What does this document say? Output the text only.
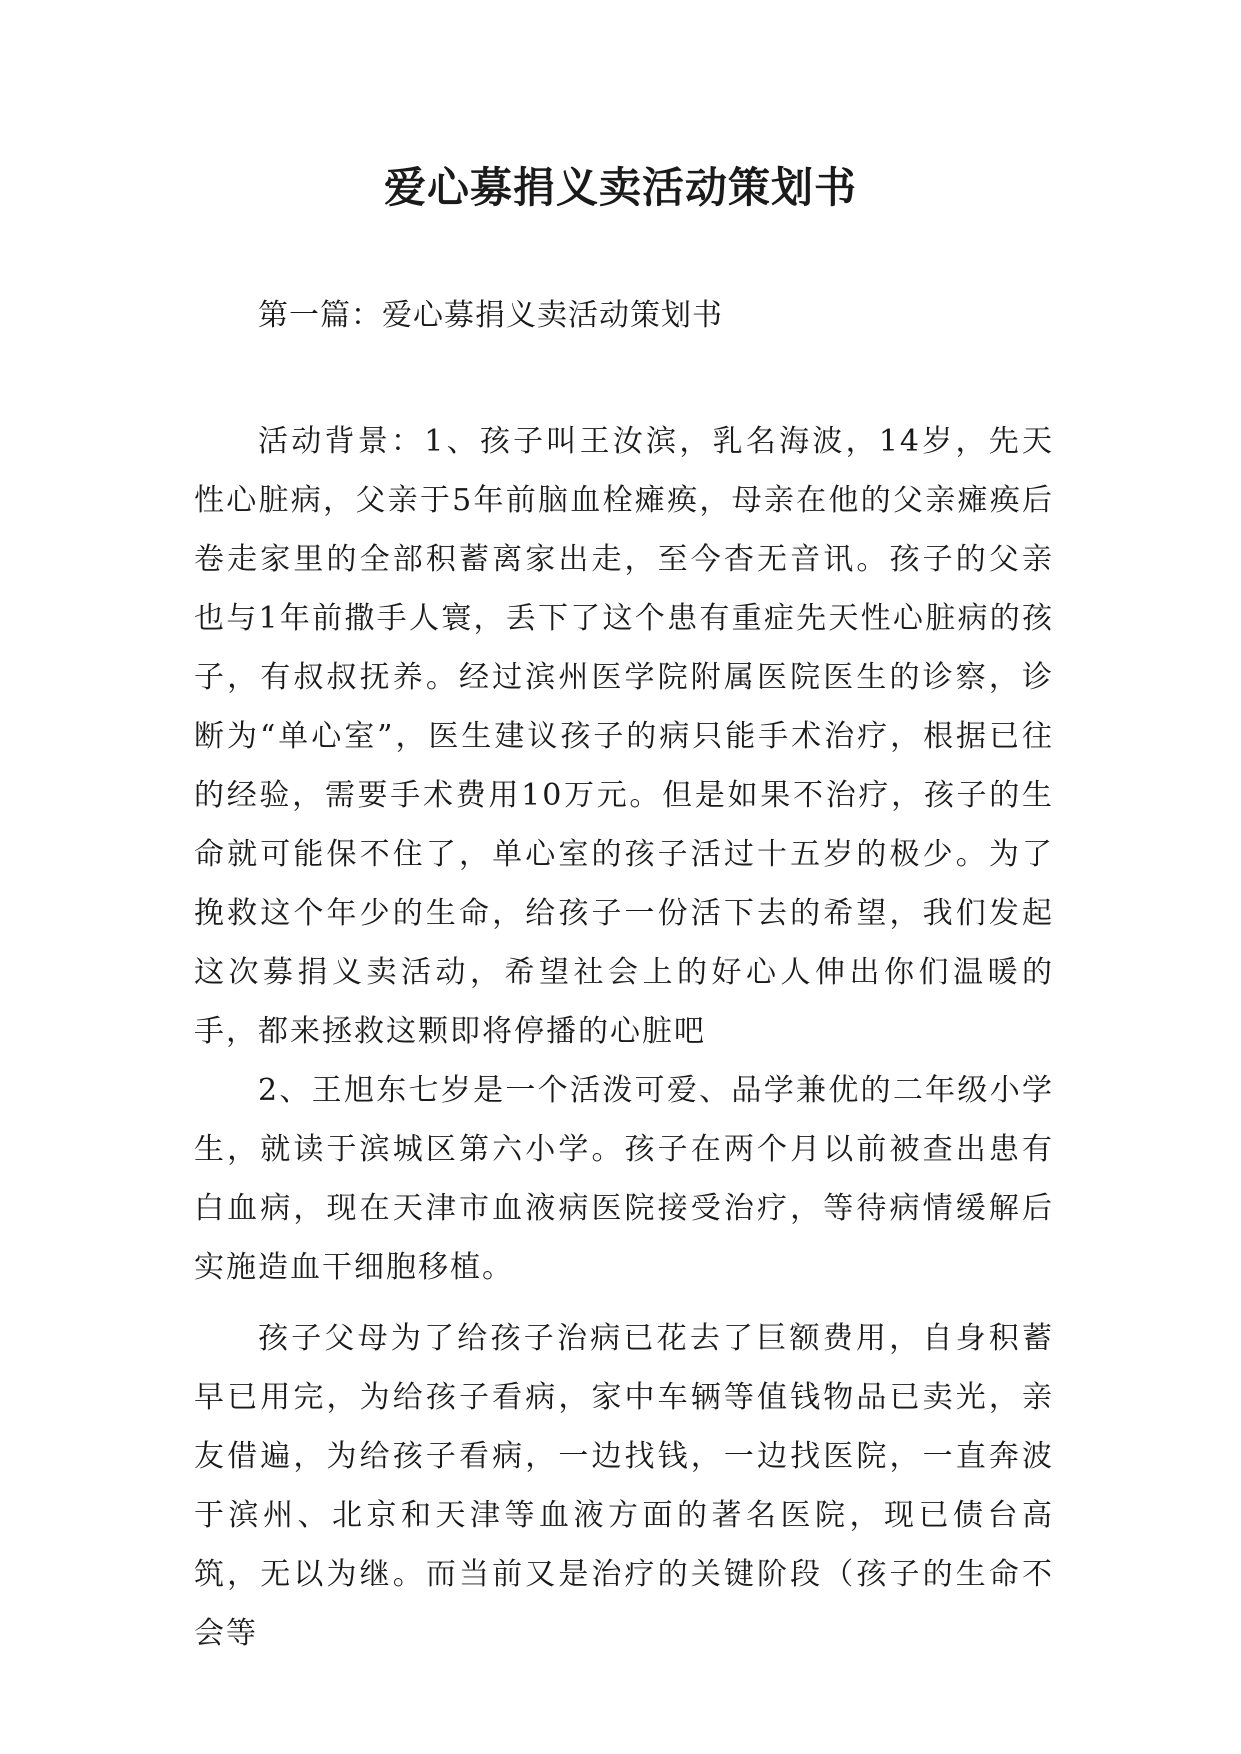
爱心募捐义卖活动策划书

第一篇：爱心募捐义卖活动策划书

活动背景：1、孩子叫王汝滨，乳名海波，14岁，先天性心脏病，父亲于5年前脑血栓瘫痪，母亲在他的父亲瘫痪后卷走家里的全部积蓄离家出走，至今杳无音讯。孩子的父亲也与1年前撒手人寰，丢下了这个患有重症先天性心脏病的孩子，有叔叔抚养。经过滨州医学院附属医院医生的诊察，诊断为“单心室”，医生建议孩子的病只能手术治疗，根据已往的经验，需要手术费用10万元。但是如果不治疗，孩子的生命就可能保不住了，单心室的孩子活过十五岁的极少。为了挽救这个年少的生命，给孩子一份活下去的希望，我们发起这次募捐义卖活动，希望社会上的好心人伸出你们温暖的手，都来拯救这颗即将停播的心脏吧

2、王旭东七岁是一个活泼可爱、品学兼优的二年级小学生，就读于滨城区第六小学。孩子在两个月以前被查出患有白血病，现在天津市血液病医院接受治疗，等待病情缓解后实施造血干细胞移植。

孩子父母为了给孩子治病已花去了巨额费用，自身积蓄早已用完，为给孩子看病，家中车辆等值钱物品已卖光，亲友借遍，为给孩子看病，一边找钱，一边找医院，一直奔波于滨州、北京和天津等血液方面的著名医院，现已债台高筑，无以为继。而当前又是治疗的关键阶段（孩子的生命不会等
